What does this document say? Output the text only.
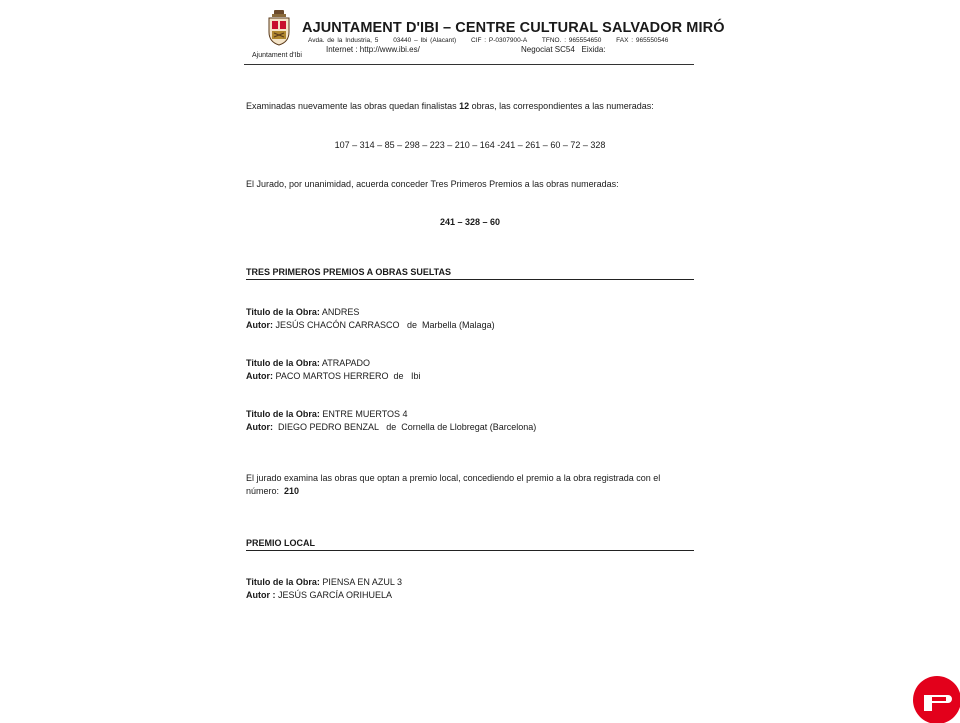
Ajuntament d'Ibi
AJUNTAMENT D'IBI – CENTRE CULTURAL SALVADOR MIRÓ
Avda. de la Industria, 5 03440 – Ibi (Alacant) CIF : P-0307900-A TFNO. : 965554650 FAX : 965550546
Internet : http://www.ibi.es/	Negociat SC54 Eixida:
Examinadas nuevamente las obras quedan finalistas 12 obras, las correspondientes a las numeradas:
107 – 314 – 85 – 298 – 223 – 210 – 164 -241 – 261 – 60 – 72 – 328
El Jurado, por unanimidad, acuerda conceder Tres Primeros Premios a las obras numeradas:
241 – 328 – 60
TRES PRIMEROS PREMIOS A OBRAS SUELTAS
Titulo de la Obra: ANDRES
Autor: JESÚS CHACÓN CARRASCO   de  Marbella (Malaga)
Titulo de la Obra: ATRAPADO
Autor: PACO MARTOS HERRERO  de   Ibi
Titulo de la Obra: ENTRE MUERTOS 4
Autor:  DIEGO PEDRO BENZAL   de  Cornella de Llobregat (Barcelona)
El jurado examina las obras que optan a premio local, concediendo el premio a la obra registrada con el
número:  210
PREMIO LOCAL
Titulo de la Obra: PIENSA EN AZUL 3
Autor : JESÚS GARCÍA ORIHUELA
